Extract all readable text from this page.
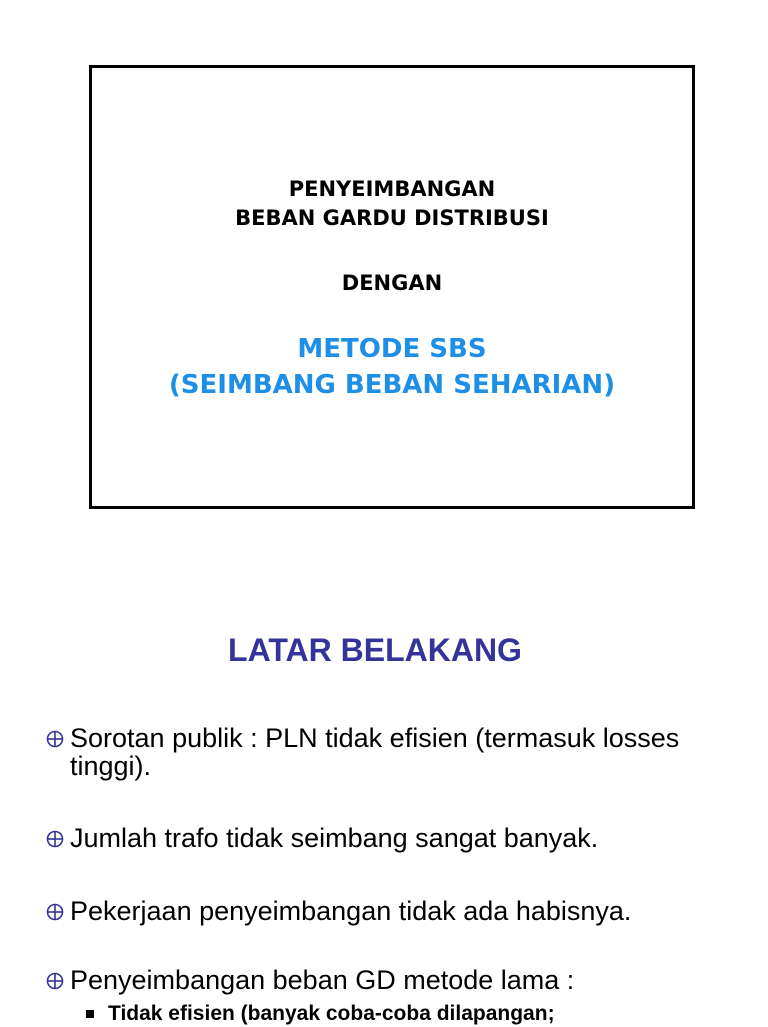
PENYEIMBANGAN
BEBAN GARDU DISTRIBUSI
DENGAN
METODE SBS
(SEIMBANG BEBAN SEHARIAN)
LATAR BELAKANG
Sorotan publik : PLN tidak efisien (termasuk losses tinggi).
Jumlah trafo tidak seimbang sangat banyak.
Pekerjaan penyeimbangan tidak ada habisnya.
Penyeimbangan beban GD metode lama :
Tidak efisien (banyak coba-coba dilapangan;
